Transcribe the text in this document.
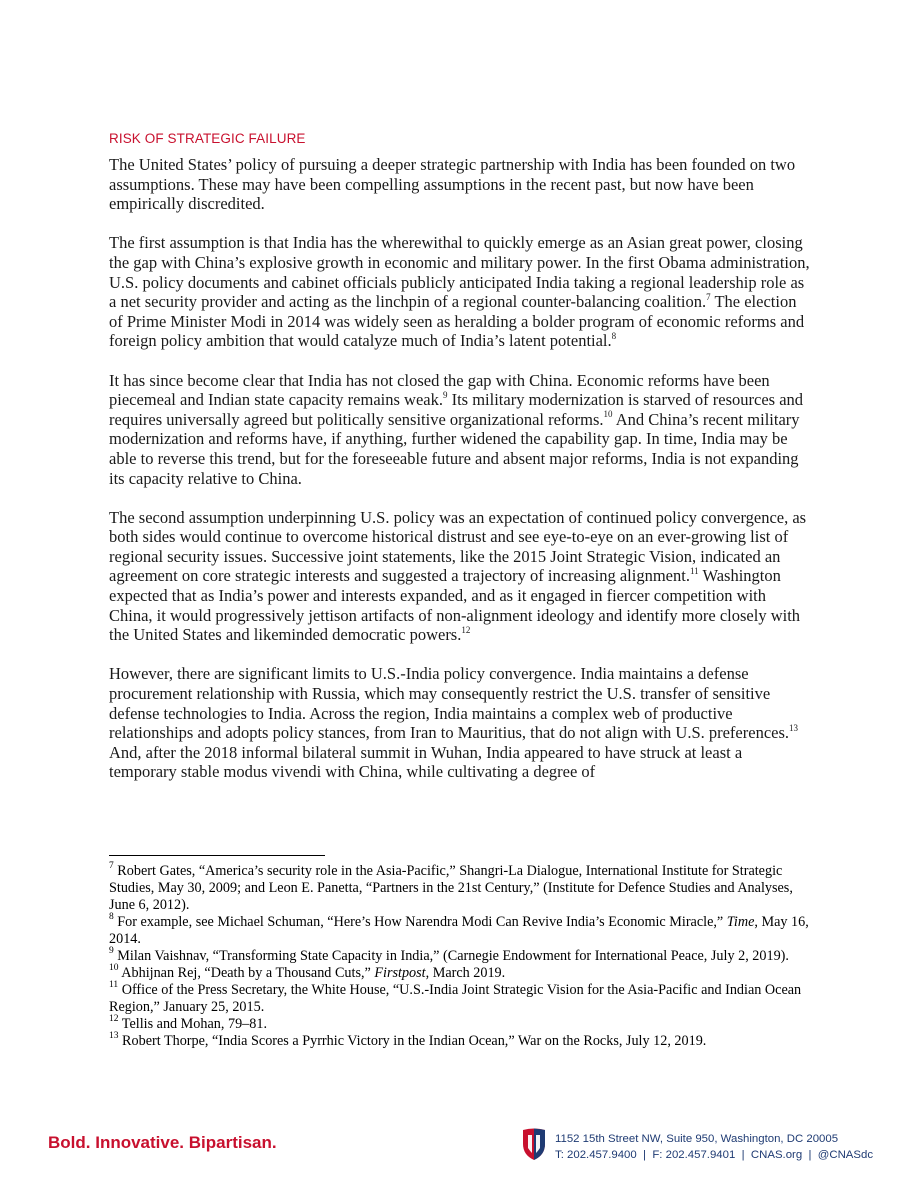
RISK OF STRATEGIC FAILURE

The United States’ policy of pursuing a deeper strategic partnership with India has been founded on two assumptions. These may have been compelling assumptions in the recent past, but now have been empirically discredited.

The first assumption is that India has the wherewithal to quickly emerge as an Asian great power, closing the gap with China’s explosive growth in economic and military power. In the first Obama administration, U.S. policy documents and cabinet officials publicly anticipated India taking a regional leadership role as a net security provider and acting as the linchpin of a regional counter-balancing coalition.$^7$ The election of Prime Minister Modi in 2014 was widely seen as heralding a bolder program of economic reforms and foreign policy ambition that would catalyze much of India’s latent potential.$^8$

It has since become clear that India has not closed the gap with China. Economic reforms have been piecemeal and Indian state capacity remains weak.$^9$ Its military modernization is starved of resources and requires universally agreed but politically sensitive organizational reforms.$^{10}$ And China’s recent military modernization and reforms have, if anything, further widened the capability gap. In time, India may be able to reverse this trend, but for the foreseeable future and absent major reforms, India is not expanding its capacity relative to China.

The second assumption underpinning U.S. policy was an expectation of continued policy convergence, as both sides would continue to overcome historical distrust and see eye-to-eye on an ever-growing list of regional security issues. Successive joint statements, like the 2015 Joint Strategic Vision, indicated an agreement on core strategic interests and suggested a trajectory of increasing alignment.$^{11}$ Washington expected that as India’s power and interests expanded, and as it engaged in fiercer competition with China, it would progressively jettison artifacts of non-alignment ideology and identify more closely with the United States and likeminded democratic powers.$^{12}$

However, there are significant limits to U.S.-India policy convergence. India maintains a defense procurement relationship with Russia, which may consequently restrict the U.S. transfer of sensitive defense technologies to India. Across the region, India maintains a complex web of productive relationships and adopts policy stances, from Iran to Mauritius, that do not align with U.S. preferences.$^{13}$ And, after the 2018 informal bilateral summit in Wuhan, India appeared to have struck at least a temporary stable modus vivendi with China, while cultivating a degree of

$^7$ Robert Gates, “America’s security role in the Asia-Pacific,” Shangri-La Dialogue, International Institute for Strategic Studies, May 30, 2009; and Leon E. Panetta, “Partners in the 21st Century,” (Institute for Defence Studies and Analyses, June 6, 2012).

$^8$ For example, see Michael Schuman, “Here’s How Narendra Modi Can Revive India’s Economic Miracle,” Time, May 16, 2014.

$^9$ Milan Vaishnav, “Transforming State Capacity in India,” (Carnegie Endowment for International Peace, July 2, 2019).

$^{10}$ Abhijnan Rej, “Death by a Thousand Cuts,” Firstpost, March 2019.

$^{11}$ Office of the Press Secretary, the White House, “U.S.-India Joint Strategic Vision for the Asia-Pacific and Indian Ocean Region,” January 25, 2015.

$^{12}$ Tellis and Mohan, 79–81.

$^{13}$ Robert Thorpe, “India Scores a Pyrrhic Victory in the Indian Ocean,” War on the Rocks, July 12, 2019.

Bold. Innovative. Bipartisan.	1152 15th Street NW, Suite 950, Washington, DC 20005
T: 202.457.9400  |  F: 202.457.9401  |  CNAS.org  |  @CNASdc
